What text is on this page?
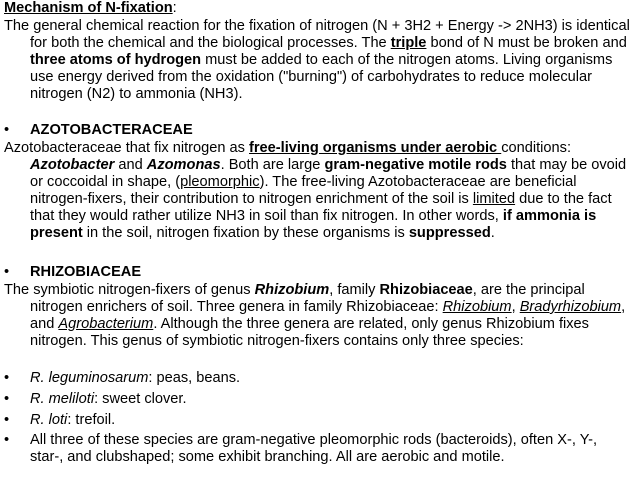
Mechanism of N-fixation:

The general chemical reaction for the fixation of nitrogen (N + 3H2 + Energy -> 2NH3) is identical for both the chemical and the biological processes. The triple bond of N must be broken and three atoms of hydrogen must be added to each of the nitrogen atoms. Living organisms use energy derived from the oxidation ("burning") of carbohydrates to reduce molecular nitrogen (N2) to ammonia (NH3).

• AZOTOBACTERACEAE

Azotobacteraceae that fix nitrogen as free-living organisms under aerobic conditions: Azotobacter and Azomonas. Both are large gram-negative motile rods that may be ovoid or coccoidal in shape, (pleomorphic). The free-living Azotobacteraceae are beneficial nitrogen-fixers, their contribution to nitrogen enrichment of the soil is limited due to the fact that they would rather utilize NH3 in soil than fix nitrogen. In other words, if ammonia is present in the soil, nitrogen fixation by these organisms is suppressed.

• RHIZOBIACEAE

The symbiotic nitrogen-fixers of genus Rhizobium, family Rhizobiaceae, are the principal nitrogen enrichers of soil. Three genera in family Rhizobiaceae: Rhizobium, Bradyrhizobium, and Agrobacterium. Although the three genera are related, only genus Rhizobium fixes nitrogen. This genus of symbiotic nitrogen-fixers contains only three species:

• R. leguminosarum: peas, beans.
• R. meliloti: sweet clover.
• R. loti: trefoil.
• All three of these species are gram-negative pleomorphic rods (bacteroids), often X-, Y-, star-, and clubshaped; some exhibit branching. All are aerobic and motile.
